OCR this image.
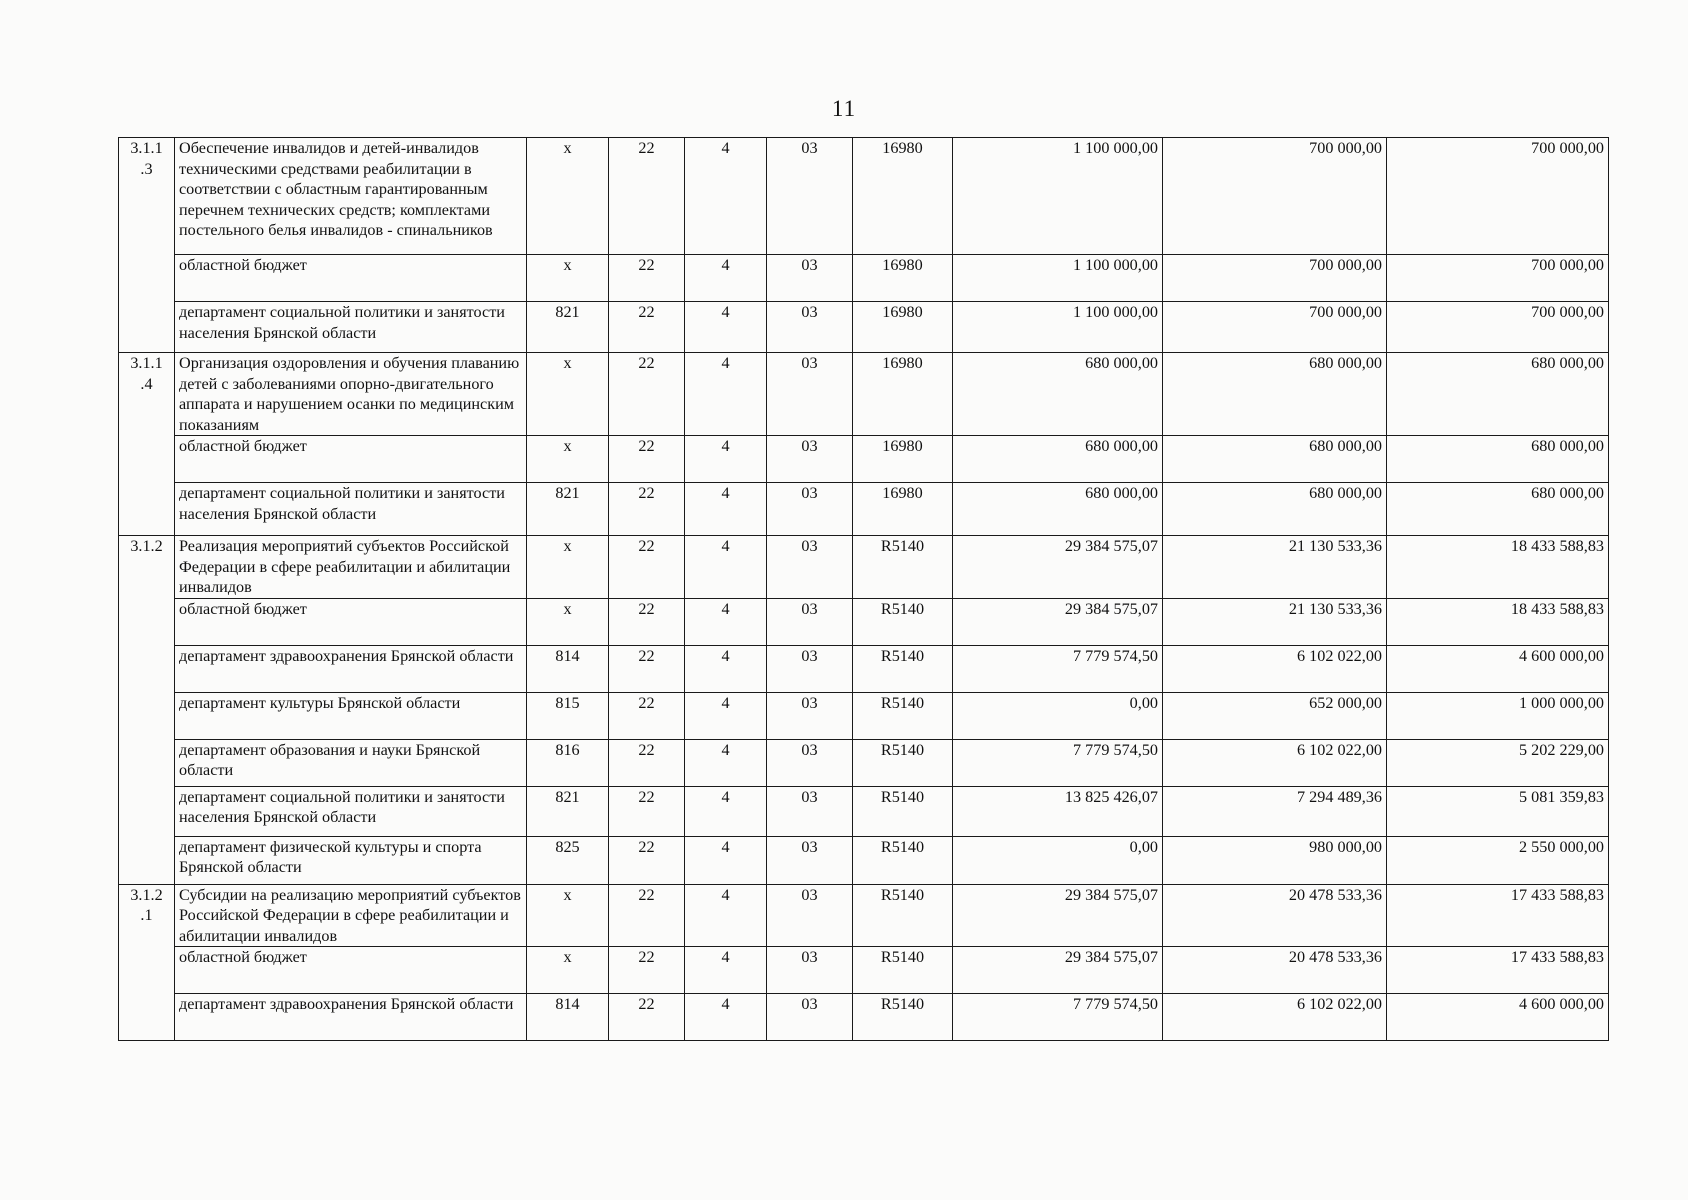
11
3.1.1
.3	Обеспечение инвалидов и детей-инвалидов техническими средствами реабилитации в соответствии с областным гарантированным перечнем технических средств; комплектами постельного белья инвалидов - спинальников	х	22	4	03	16980	1 100 000,00	700 000,00	700 000,00
	областной бюджет	х	22	4	03	16980	1 100 000,00	700 000,00	700 000,00
	департамент социальной политики и занятости населения Брянской области	821	22	4	03	16980	1 100 000,00	700 000,00	700 000,00
3.1.1
.4	Организация оздоровления и обучения плаванию детей с заболеваниями опорно-двигательного аппарата и нарушением осанки по медицинским показаниям	х	22	4	03	16980	680 000,00	680 000,00	680 000,00
	областной бюджет	х	22	4	03	16980	680 000,00	680 000,00	680 000,00
	департамент социальной политики и занятости населения Брянской области	821	22	4	03	16980	680 000,00	680 000,00	680 000,00
3.1.2	Реализация мероприятий субъектов Российской Федерации в сфере реабилитации и абилитации инвалидов	х	22	4	03	R5140	29 384 575,07	21 130 533,36	18 433 588,83
	областной бюджет	х	22	4	03	R5140	29 384 575,07	21 130 533,36	18 433 588,83
	департамент здравоохранения Брянской области	814	22	4	03	R5140	7 779 574,50	6 102 022,00	4 600 000,00
	департамент культуры Брянской области	815	22	4	03	R5140	0,00	652 000,00	1 000 000,00
	департамент образования и науки Брянской области	816	22	4	03	R5140	7 779 574,50	6 102 022,00	5 202 229,00
	департамент социальной политики и занятости населения Брянской области	821	22	4	03	R5140	13 825 426,07	7 294 489,36	5 081 359,83
	департамент физической культуры и спорта Брянской области	825	22	4	03	R5140	0,00	980 000,00	2 550 000,00
3.1.2
.1	Субсидии на реализацию мероприятий субъектов Российской Федерации в сфере реабилитации и абилитации инвалидов	х	22	4	03	R5140	29 384 575,07	20 478 533,36	17 433 588,83
	областной бюджет	х	22	4	03	R5140	29 384 575,07	20 478 533,36	17 433 588,83
	департамент здравоохранения Брянской области	814	22	4	03	R5140	7 779 574,50	6 102 022,00	4 600 000,00
